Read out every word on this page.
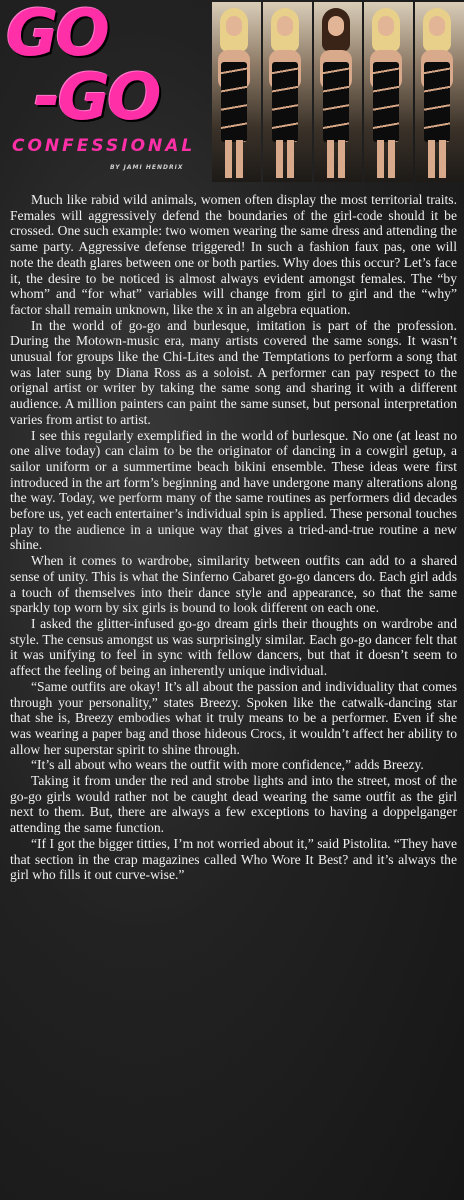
GO
-GO
CONFESSIONAL
BY JAMI HENDRIX

Much like rabid wild animals, women often display the most territorial traits. Females will aggressively defend the boundaries of the girl-code should it be crossed. One such example: two women wearing the same dress and attending the same party. Aggressive defense triggered! In such a fashion faux pas, one will note the death glares between one or both parties. Why does this occur? Let’s face it, the desire to be noticed is almost always evident amongst females. The “by whom” and “for what” variables will change from girl to girl and the “why” factor shall remain unknown, like the x in an algebra equation.

In the world of go-go and burlesque, imitation is part of the profession. During the Motown-music era, many artists covered the same songs. It wasn’t unusual for groups like the Chi-Lites and the Temptations to perform a song that was later sung by Diana Ross as a soloist. A performer can pay respect to the orignal artist or writer by taking the same song and sharing it with a different audience. A million painters can paint the same sunset, but personal interpretation varies from artist to artist.

I see this regularly exemplified in the world of burlesque. No one (at least no one alive today) can claim to be the originator of dancing in a cowgirl getup, a sailor uniform or a summertime beach bikini ensemble. These ideas were first introduced in the art form’s beginning and have undergone many alterations along the way. Today, we perform many of the same routines as performers did decades before us, yet each entertainer’s individual spin is applied. These personal touches play to the audience in a unique way that gives a tried-and-true routine a new shine.

When it comes to wardrobe, similarity between outfits can add to a shared sense of unity. This is what the Sinferno Cabaret go-go dancers do. Each girl adds a touch of themselves into their dance style and appearance, so that the same sparkly top worn by six girls is bound to look different on each one.

I asked the glitter-infused go-go dream girls their thoughts on wardrobe and style. The census amongst us was surprisingly similar. Each go-go dancer felt that it was unifying to feel in sync with fellow dancers, but that it doesn’t seem to affect the feeling of being an inherently unique individual.

“Same outfits are okay! It’s all about the passion and individuality that comes through your personality,” states Breezy. Spoken like the catwalk-dancing star that she is, Breezy embodies what it truly means to be a performer. Even if she was wearing a paper bag and those hideous Crocs, it wouldn’t affect her ability to allow her superstar spirit to shine through.

“It’s all about who wears the outfit with more confidence,” adds Breezy.

Taking it from under the red and strobe lights and into the street, most of the go-go girls would rather not be caught dead wearing the same outfit as the girl next to them. But, there are always a few exceptions to having a doppelganger attending the same function.

“If I got the bigger titties, I’m not worried about it,” said Pistolita. “They have that section in the crap magazines called Who Wore It Best? and it’s always the girl who fills it out curve-wise.”
